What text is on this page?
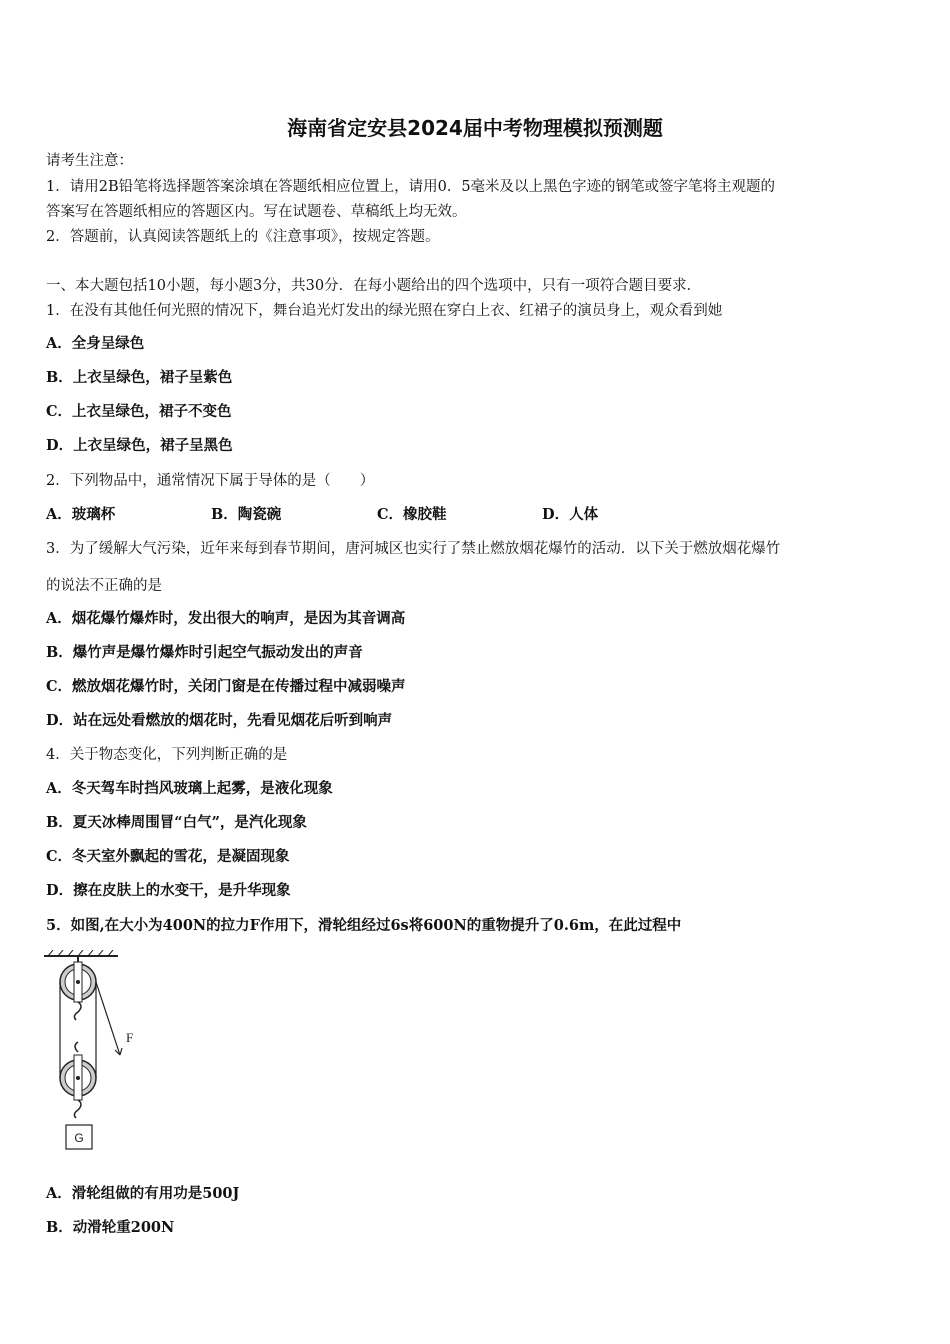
海南省定安县2024届中考物理模拟预测题
请考生注意：
1．请用2B铅笔将选择题答案涂填在答题纸相应位置上，请用0．5毫米及以上黑色字迹的钢笔或签字笔将主观题的
答案写在答题纸相应的答题区内。写在试题卷、草稿纸上均无效。
2．答题前，认真阅读答题纸上的《注意事项》，按规定答题。
一、本大题包括10小题，每小题3分，共30分．在每小题给出的四个选项中，只有一项符合题目要求．
1．在没有其他任何光照的情况下，舞台追光灯发出的绿光照在穿白上衣、红裙子的演员身上，观众看到她
A．全身呈绿色
B．上衣呈绿色，裙子呈紫色
C．上衣呈绿色，裙子不变色
D．上衣呈绿色，裙子呈黑色
2．下列物品中，通常情况下属于导体的是（　　）
A．玻璃杯	B．陶瓷碗	C．橡胶鞋	D．人体
3．为了缓解大气污染，近年来每到春节期间，唐河城区也实行了禁止燃放烟花爆竹的活动．以下关于燃放烟花爆竹
的说法不正确的是
A．烟花爆竹爆炸时，发出很大的响声，是因为其音调高
B．爆竹声是爆竹爆炸时引起空气振动发出的声音
C．燃放烟花爆竹时，关闭门窗是在传播过程中减弱噪声
D．站在远处看燃放的烟花时，先看见烟花后听到响声
4．关于物态变化，下列判断正确的是
A．冬天驾车时挡风玻璃上起雾，是液化现象
B．夏天冰棒周围冒“白气”，是汽化现象
C．冬天室外飘起的雪花，是凝固现象
D．擦在皮肤上的水变干，是升华现象
5．如图,在大小为400N的拉力F作用下，滑轮组经过6s将600N的重物提升了0.6m，在此过程中
F
G
A．滑轮组做的有用功是500J
B．动滑轮重200N
